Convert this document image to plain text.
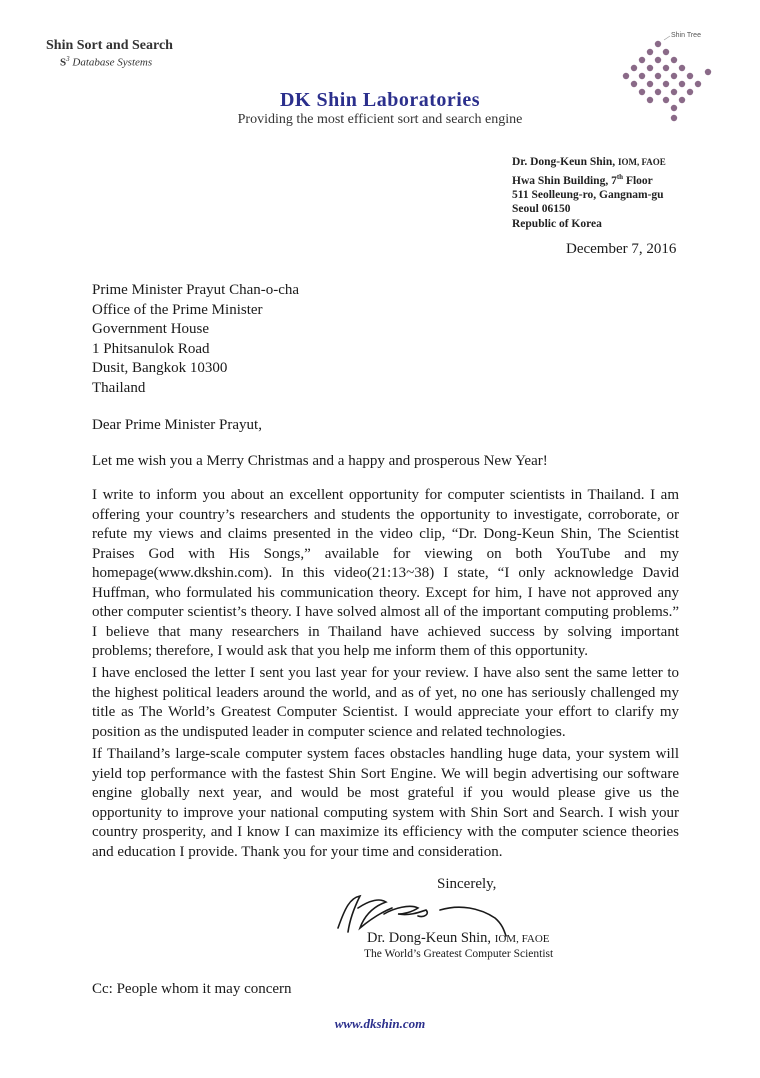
Shin Sort and Search
$S^3$ Database Systems
DK Shin Laboratories
Providing the most efficient sort and search engine
Shin Tree
Dr. Dong-Keun Shin, IOM, FAOE
Hwa Shin Building, 7th Floor
511 Seolleung-ro, Gangnam-gu
Seoul 06150
Republic of Korea
December 7, 2016
Prime Minister Prayut Chan-o-cha
Office of the Prime Minister
Government House
1 Phitsanulok Road
Dusit, Bangkok 10300
Thailand
Dear Prime Minister Prayut,
Let me wish you a Merry Christmas and a happy and prosperous New Year!
I write to inform you about an excellent opportunity for computer scientists in Thailand. I am offering your country’s researchers and students the opportunity to investigate, corroborate, or refute my views and claims presented in the video clip, “Dr. Dong-Keun Shin, The Scientist Praises God with His Songs,” available for viewing on both YouTube and my homepage(www.dkshin.com). In this video(21:13~38) I state, “I only acknowledge David Huffman, who formulated his communication theory. Except for him, I have not approved any other computer scientist’s theory. I have solved almost all of the important computing problems.” I believe that many researchers in Thailand have achieved success by solving important problems; therefore, I would ask that you help me inform them of this opportunity.
I have enclosed the letter I sent you last year for your review. I have also sent the same letter to the highest political leaders around the world, and as of yet, no one has seriously challenged my title as The World’s Greatest Computer Scientist. I would appreciate your effort to clarify my position as the undisputed leader in computer science and related technologies.
If Thailand’s large-scale computer system faces obstacles handling huge data, your system will yield top performance with the fastest Shin Sort Engine. We will begin advertising our software engine globally next year, and would be most grateful if you would please give us the opportunity to improve your national computing system with Shin Sort and Search. I wish your country prosperity, and I know I can maximize its efficiency with the computer science theories and education I provide. Thank you for your time and consideration.
Sincerely,
Dr. Dong-Keun Shin, IOM, FAOE
The World’s Greatest Computer Scientist
Cc: People whom it may concern
www.dkshin.com
